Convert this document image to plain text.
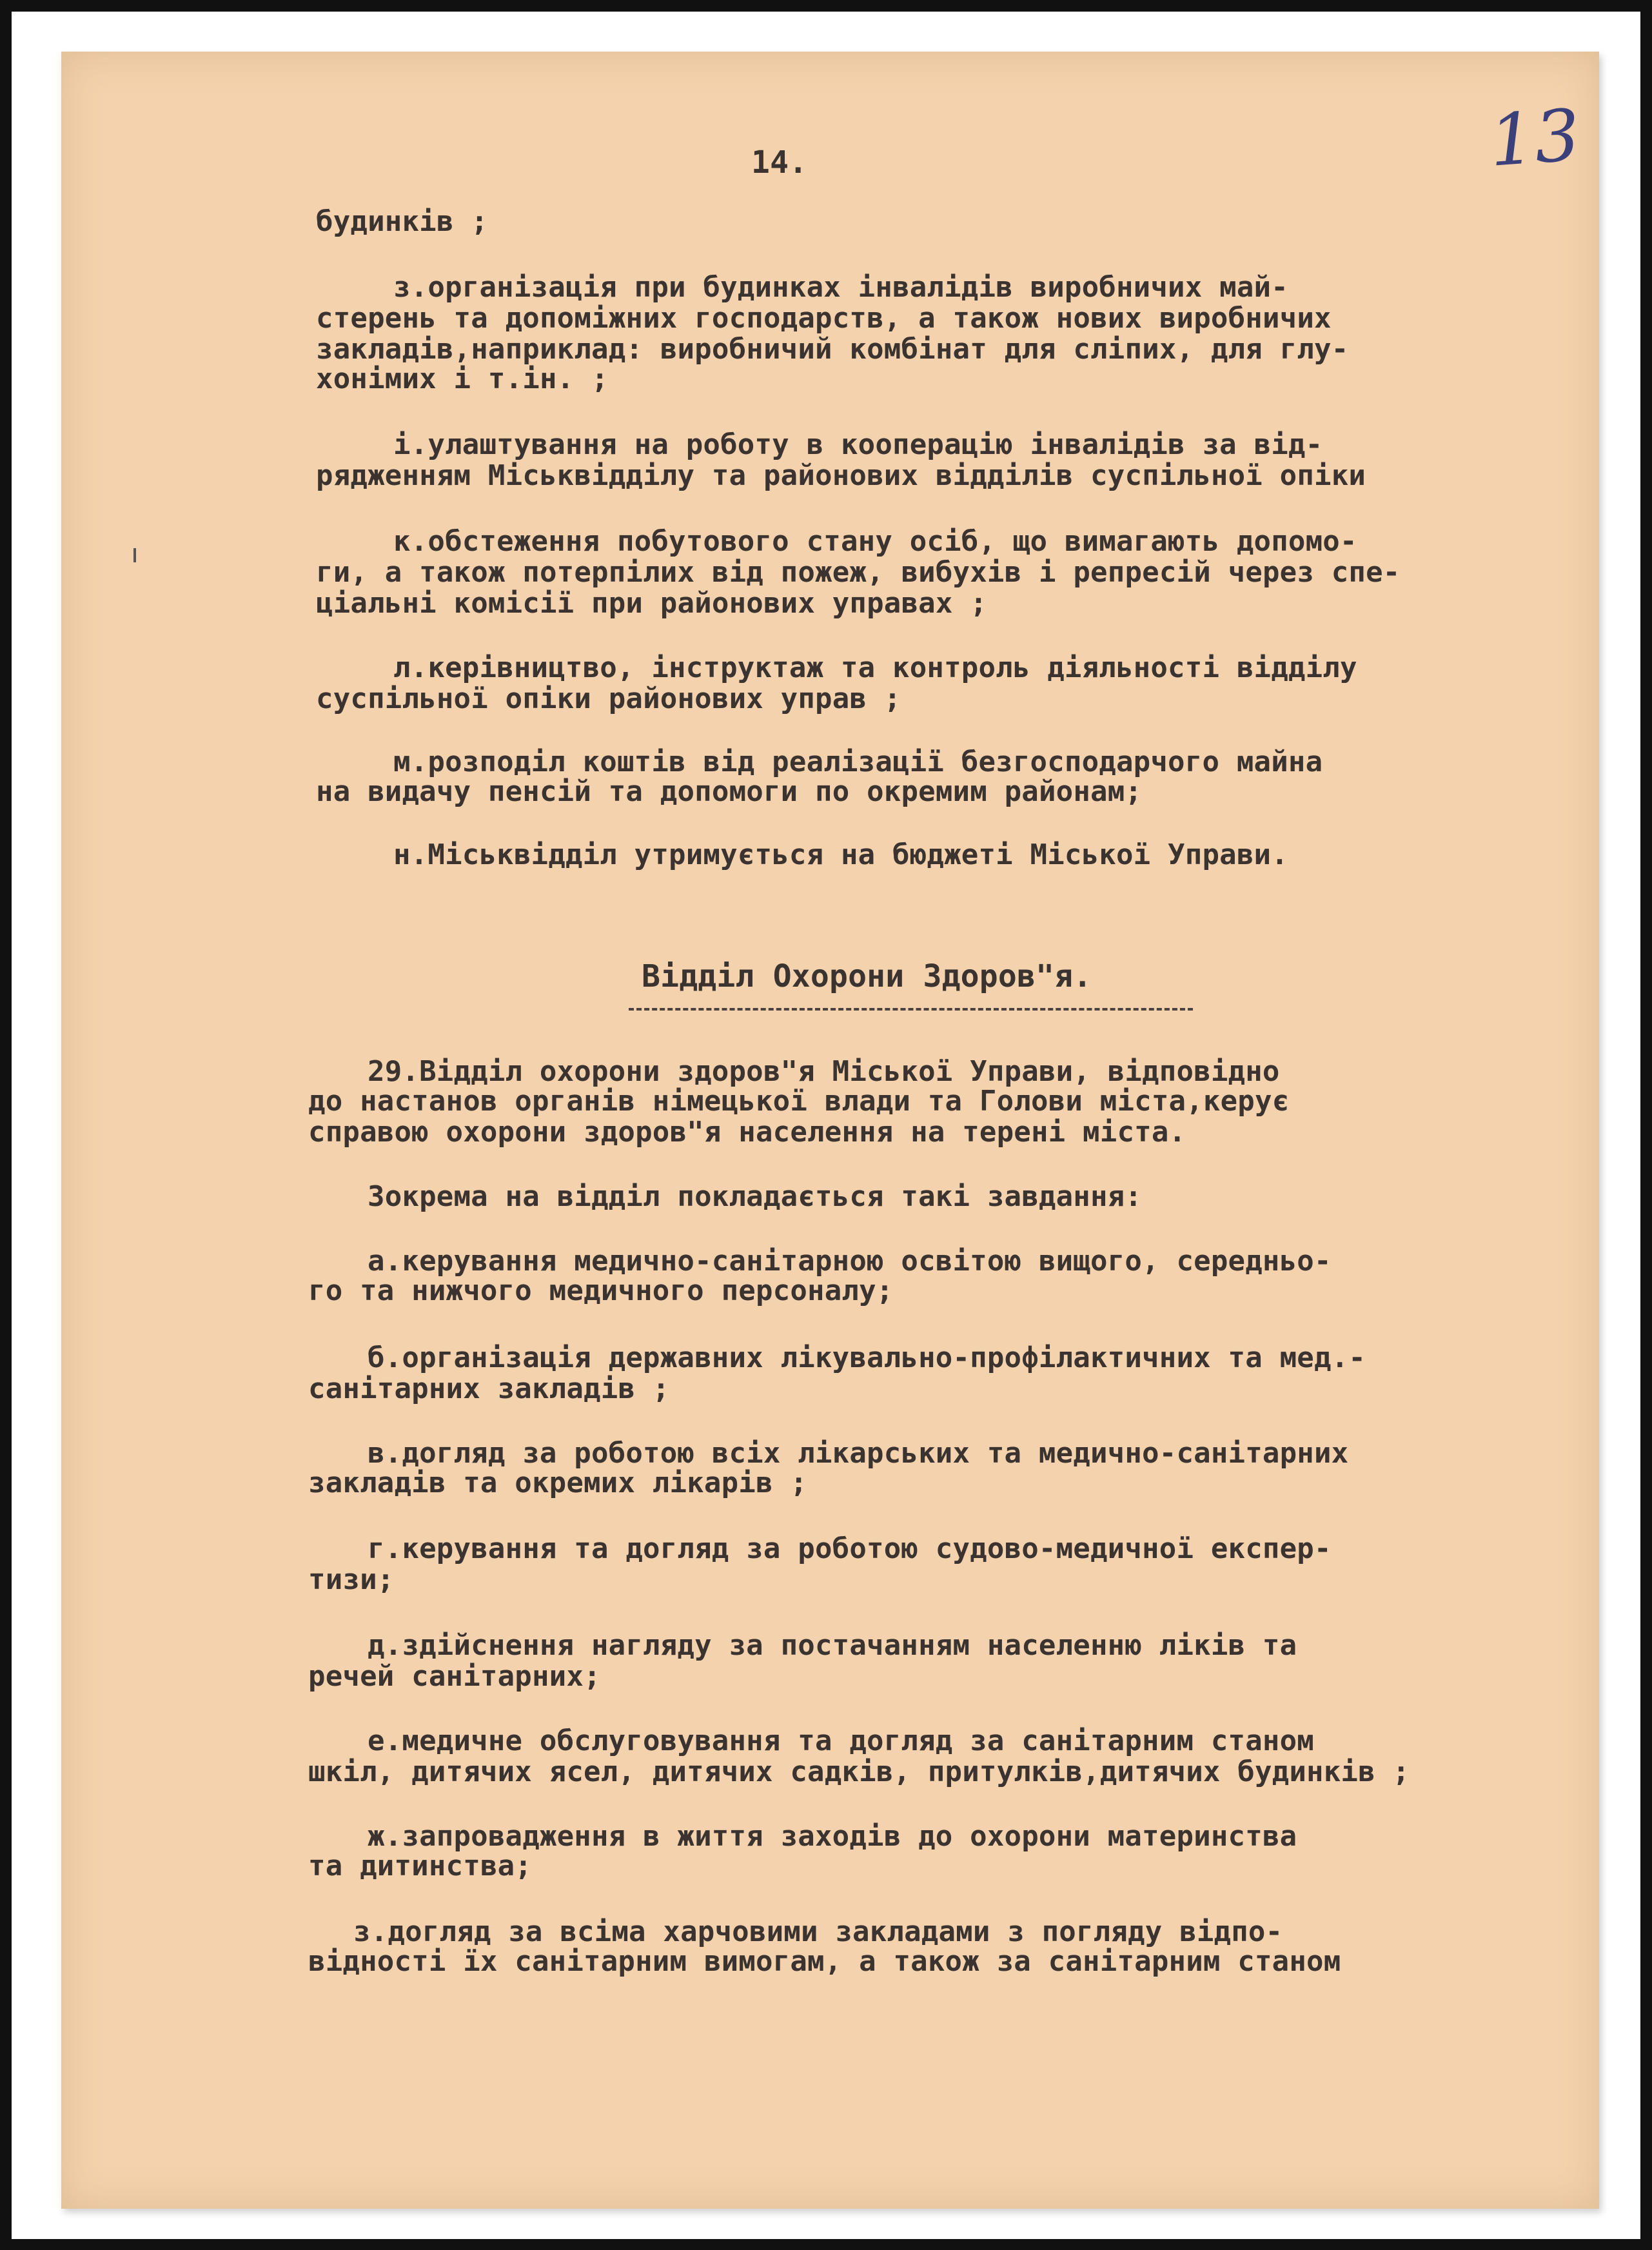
13
14.
будинків ;
з.організація при будинках інвалідів виробничих май-
стерень та допоміжних господарств, а також нових виробничих
закладів,наприклад: виробничий комбінат для сліпих, для глу-
хонімих і т.ін. ;
і.улаштування на роботу в кооперацію інвалідів за від-
рядженням Міськвідділу та районових відділів суспільної опіки
к.обстеження побутового стану осіб, що вимагають допомо-
ги, а також потерпілих від пожеж, вибухів і репресій через спе-
ціальні комісії при районових управах ;
л.керівництво, інструктаж та контроль діяльності відділу
суспільної опіки районових управ ;
м.розподіл коштів від реалізації безгосподарчого майна
на видачу пенсій та допомоги по окремим районам;
н.Міськвідділ утримується на бюджеті Міської Управи.
Відділ Охорони Здоров"я.
29.Відділ охорони здоров"я Міської Управи, відповідно
до настанов органів німецької влади та Голови міста,керує
справою охорони здоров"я населення на терені міста.
Зокрема на відділ покладається такі завдання:
а.керування медично-санітарною освітою вищого, середньо-
го та нижчого медичного персоналу;
б.організація державних лікувально-профілактичних та мед.-
санітарних закладів ;
в.догляд за роботою всіх лікарських та медично-санітарних
закладів та окремих лікарів ;
г.керування та догляд за роботою судово-медичної експер-
тизи;
д.здійснення нагляду за постачанням населенню ліків та
речей санітарних;
е.медичне обслуговування та догляд за санітарним станом
шкіл, дитячих ясел, дитячих садків, притулків,дитячих будинків ;
ж.запровадження в життя заходів до охорони материнства
та дитинства;
з.догляд за всіма харчовими закладами з погляду відпо-
відності їх санітарним вимогам, а також за санітарним станом
